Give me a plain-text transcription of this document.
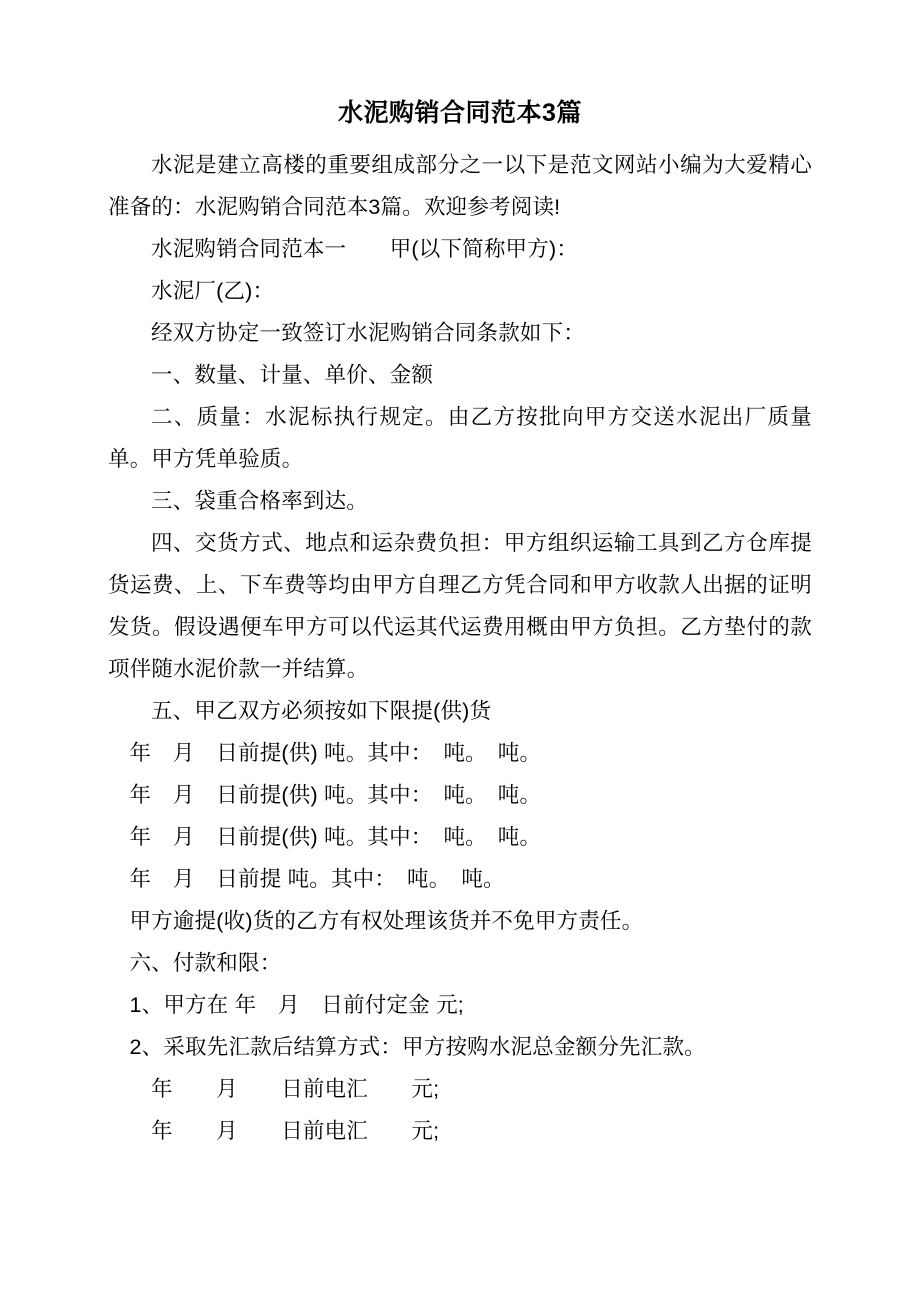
水泥购销合同范本3篇

水泥是建立高楼的重要组成部分之一以下是范文网站小编为大爱精心准备的：水泥购销合同范本3篇。欢迎参考阅读!

水泥购销合同范本一　　甲(以下简称甲方)：

水泥厂(乙)：

经双方协定一致签订水泥购销合同条款如下：

一、数量、计量、单价、金额

二、质量：水泥标执行规定。由乙方按批向甲方交送水泥出厂质量单。甲方凭单验质。

三、袋重合格率到达。

四、交货方式、地点和运杂费负担：甲方组织运输工具到乙方仓库提货运费、上、下车费等均由甲方自理乙方凭合同和甲方收款人出据的证明发货。假设遇便车甲方可以代运其代运费用概由甲方负担。乙方垫付的款项伴随水泥价款一并结算。

五、甲乙双方必须按如下限提(供)货

年　月　日前提(供) 吨。其中：　吨。　吨。

年　月　日前提(供) 吨。其中：　吨。　吨。

年　月　日前提(供) 吨。其中：　吨。　吨。

年　月　日前提 吨。其中：　吨。　吨。

甲方逾提(收)货的乙方有权处理该货并不免甲方责任。

六、付款和限：

1、甲方在 年　月　日前付定金 元;

2、采取先汇款后结算方式：甲方按购水泥总金额分先汇款。

年　　月　　日前电汇　　元;

年　　月　　日前电汇　　元;
